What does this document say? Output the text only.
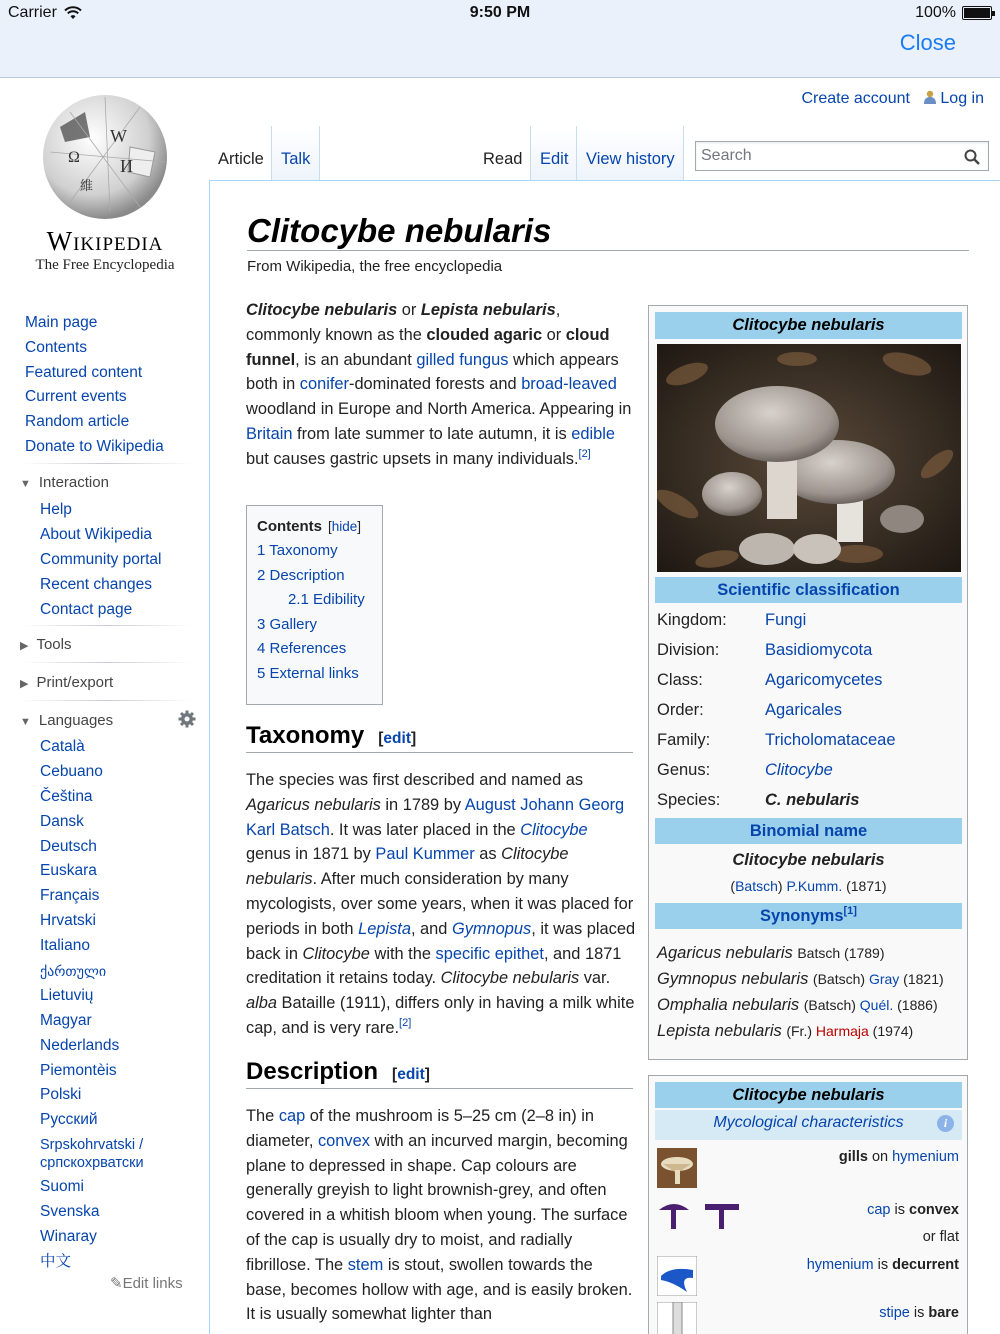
Carrier	9:50 PM	100%
Close
W
Ω И
維
Wikipedia
The Free Encyclopedia
Main page
Contents
Featured content
Current events
Random article
Donate to Wikipedia
▼ Interaction
Help
About Wikipedia
Community portal
Recent changes
Contact page
▶ Tools
▶ Print/export
▼ Languages
Català
Cebuano
Čeština
Dansk
Deutsch
Euskara
Français
Hrvatski
Italiano
ქართული
Lietuvių
Magyar
Nederlands
Piemontèis
Polski
Русский
Srpskohrvatski / српскохрватски
Suomi
Svenska
Winaray
中文
✎Edit links
Create account Log in
Article Talk	Read Edit View history Search
Clitocybe nebularis
From Wikipedia, the free encyclopedia
Clitocybe nebularis or Lepista nebularis, commonly known as the clouded agaric or cloud funnel, is an abundant gilled fungus which appears both in conifer-dominated forests and broad-leaved woodland in Europe and North America. Appearing in Britain from late summer to late autumn, it is edible but causes gastric upsets in many individuals.[2]
Contents [hide]
1 Taxonomy
2 Description
2.1 Edibility
3 Gallery
4 References
5 External links
Taxonomy [edit]
The species was first described and named as Agaricus nebularis in 1789 by August Johann Georg Karl Batsch. It was later placed in the Clitocybe genus in 1871 by Paul Kummer as Clitocybe nebularis. After much consideration by many mycologists, over some years, when it was placed for periods in both Lepista, and Gymnopus, it was placed back in Clitocybe with the specific epithet, and 1871 creditation it retains today. Clitocybe nebularis var. alba Bataille (1911), differs only in having a milk white cap, and is very rare.[2]
Description [edit]
The cap of the mushroom is 5–25 cm (2–8 in) in diameter, convex with an incurved margin, becoming plane to depressed in shape. Cap colours are generally greyish to light brownish-grey, and often covered in a whitish bloom when young. The surface of the cap is usually dry to moist, and radially fibrillose. The stem is stout, swollen towards the base, becomes hollow with age, and is easily broken. It is usually somewhat lighter than
Clitocybe nebularis
Scientific classification
Kingdom: Fungi
Division:	Basidiomycota
Class:	Agaricomycetes
Order:	Agaricales
Family:	Tricholomataceae
Genus:	Clitocybe
Species:	C. nebularis
Binomial name
Clitocybe nebularis
(Batsch) P.Kumm. (1871)
Synonyms[1]
Agaricus nebularis Batsch (1789)
Gymnopus nebularis (Batsch) Gray (1821)
Omphalia nebularis (Batsch) Quél. (1886)
Lepista nebularis (Fr.) Harmaja (1974)
Clitocybe nebularis
Mycological characteristics	i
gills on hymenium
cap is convex
or flat
hymenium is decurrent
stipe is bare
